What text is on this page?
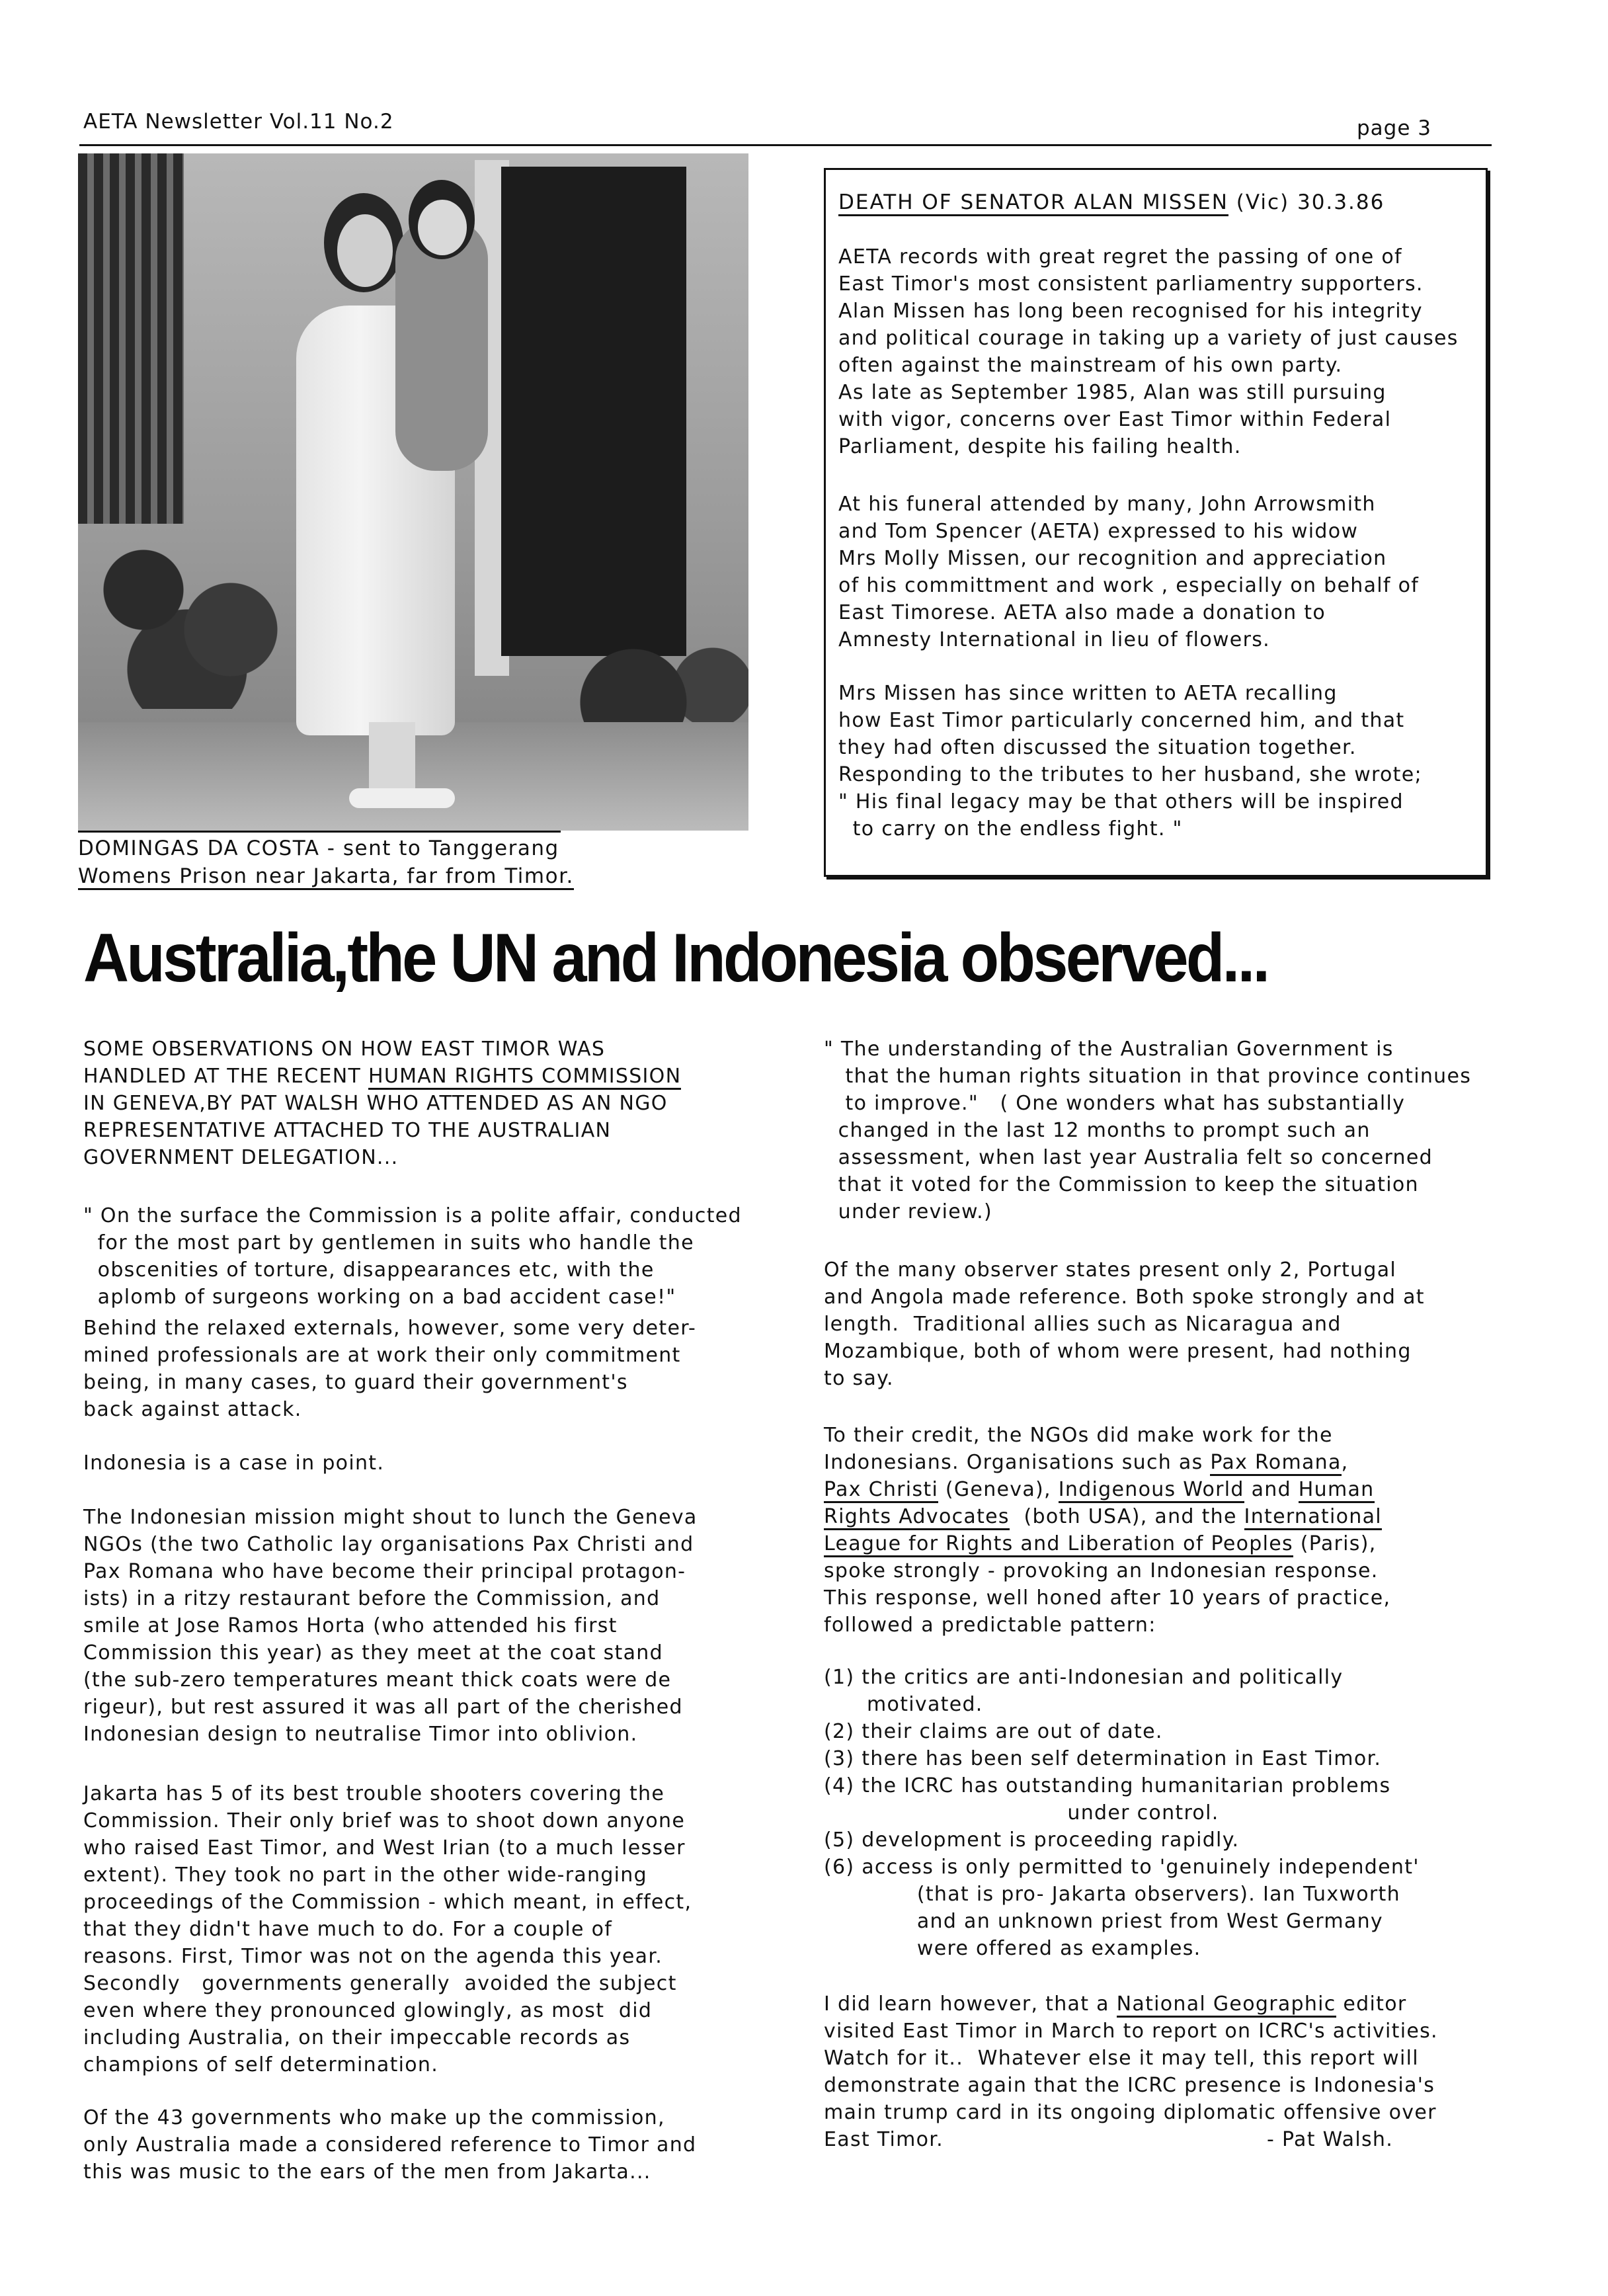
AETA Newsletter Vol.11 No.2	page 3
DOMINGAS DA COSTA - sent to Tanggerang
Womens Prison near Jakarta, far from Timor.
DEATH OF SENATOR ALAN MISSEN (Vic) 30.3.86
AETA records with great regret the passing of one of
East Timor's most consistent parliamentry supporters.
Alan Missen has long been recognised for his integrity
and political courage in taking up a variety of just causes
often against the mainstream of his own party.
As late as September 1985, Alan was still pursuing
with vigor, concerns over East Timor within Federal
Parliament, despite his failing health.
At his funeral attended by many, John Arrowsmith
and Tom Spencer (AETA) expressed to his widow
Mrs Molly Missen, our recognition and appreciation
of his committment and work , especially on behalf of
East Timorese. AETA also made a donation to
Amnesty International in lieu of flowers.
Mrs Missen has since written to AETA recalling
how East Timor particularly concerned him, and that
they had often discussed the situation together.
Responding to the tributes to her husband, she wrote;
" His final legacy may be that others will be inspired
to carry on the endless fight. "
Australia,the UN and Indonesia observed...
SOME OBSERVATIONS ON HOW EAST TIMOR WAS
HANDLED AT THE RECENT HUMAN RIGHTS COMMISSION
IN GENEVA,BY PAT WALSH WHO ATTENDED AS AN NGO
REPRESENTATIVE ATTACHED TO THE AUSTRALIAN
GOVERNMENT DELEGATION...
" On the surface the Commission is a polite affair, conducted
for the most part by gentlemen in suits who handle the
obscenities of torture, disappearances etc, with the
aplomb of surgeons working on a bad accident case!"
Behind the relaxed externals, however, some very deter-
mined professionals are at work their only commitment
being, in many cases, to guard their government's
back against attack.
Indonesia is a case in point.
The Indonesian mission might shout to lunch the Geneva
NGOs (the two Catholic lay organisations Pax Christi and
Pax Romana who have become their principal protagon-
ists) in a ritzy restaurant before the Commission, and
smile at Jose Ramos Horta (who attended his first
Commission this year) as they meet at the coat stand
(the sub-zero temperatures meant thick coats were de
rigeur), but rest assured it was all part of the cherished
Indonesian design to neutralise Timor into oblivion.
Jakarta has 5 of its best trouble shooters covering the
Commission. Their only brief was to shoot down anyone
who raised East Timor, and West Irian (to a much lesser
extent). They took no part in the other wide-ranging
proceedings of the Commission - which meant, in effect,
that they didn't have much to do. For a couple of
reasons. First, Timor was not on the agenda this year.
Secondly   governments generally  avoided the subject
even where they pronounced glowingly, as most  did
including Australia, on their impeccable records as
champions of self determination.
Of the 43 governments who make up the commission,
only Australia made a considered reference to Timor and
this was music to the ears of the men from Jakarta...
" The understanding of the Australian Government is
that the human rights situation in that province continues
to improve."   ( One wonders what has substantially
changed in the last 12 months to prompt such an
assessment, when last year Australia felt so concerned
that it voted for the Commission to keep the situation
under review.)
Of the many observer states present only 2, Portugal
and Angola made reference. Both spoke strongly and at
length.  Traditional allies such as Nicaragua and
Mozambique, both of whom were present, had nothing
to say.
To their credit, the NGOs did make work for the
Indonesians. Organisations such as Pax Romana,
Pax Christi (Geneva), Indigenous World and Human
Rights Advocates  (both USA), and the International
League for Rights and Liberation of Peoples (Paris),
spoke strongly - provoking an Indonesian response.
This response, well honed after 10 years of practice,
followed a predictable pattern:
(1) the critics are anti-Indonesian and politically
motivated.
(2) their claims are out of date.
(3) there has been self determination in East Timor.
(4) the ICRC has outstanding humanitarian problems
under control.
(5) development is proceeding rapidly.
(6) access is only permitted to 'genuinely independent'
(that is pro- Jakarta observers). Ian Tuxworth
and an unknown priest from West Germany
were offered as examples.
I did learn however, that a National Geographic editor
visited East Timor in March to report on ICRC's activities.
Watch for it..  Whatever else it may tell, this report will
demonstrate again that the ICRC presence is Indonesia's
main trump card in its ongoing diplomatic offensive over
East Timor.	- Pat Walsh.
